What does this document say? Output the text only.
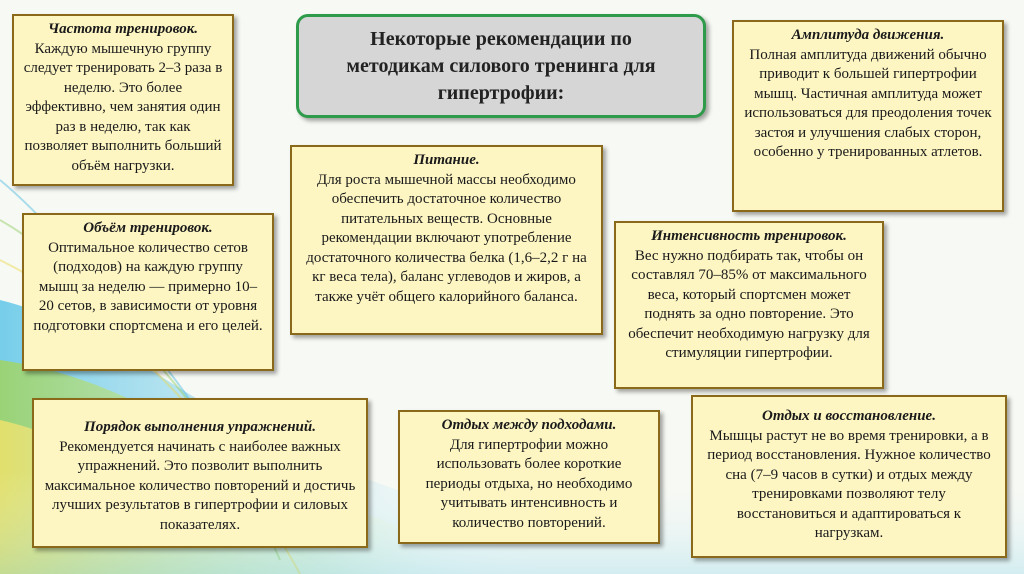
Некоторые рекомендации по методикам силового тренинга для гипертрофии:
Частота тренировок.
Каждую мышечную группу следует тренировать 2–3 раза в неделю. Это более эффективно, чем занятия один раз в неделю, так как позволяет выполнить больший объём нагрузки.
Объём тренировок.
Оптимальное количество сетов (подходов) на каждую группу мышц за неделю — примерно 10–20 сетов, в зависимости от уровня подготовки спортсмена и его целей.
Питание.
Для роста мышечной массы необходимо обеспечить достаточное количество питательных веществ. Основные рекомендации включают употребление достаточного количества белка (1,6–2,2 г на кг веса тела), баланс углеводов и жиров, а также учёт общего калорийного баланса.
Амплитуда движения.
Полная амплитуда движений обычно приводит к большей гипертрофии мышц. Частичная амплитуда может использоваться для преодоления точек застоя и улучшения слабых сторон, особенно у тренированных атлетов.
Интенсивность тренировок.
Вес нужно подбирать так, чтобы он составлял 70–85% от максимального веса, который спортсмен может поднять за одно повторение. Это обеспечит необходимую нагрузку для стимуляции гипертрофии.
Порядок выполнения упражнений.
Рекомендуется начинать с наиболее важных упражнений. Это позволит выполнить максимальное количество повторений и достичь лучших результатов в гипертрофии и силовых показателях.
Отдых между подходами.
Для гипертрофии можно использовать более короткие периоды отдыха, но необходимо учитывать интенсивность и количество повторений.
Отдых и восстановление.
Мышцы растут не во время тренировки, а в период восстановления. Нужное количество сна (7–9 часов в сутки) и отдых между тренировками позволяют телу восстановиться и адаптироваться к нагрузкам.
